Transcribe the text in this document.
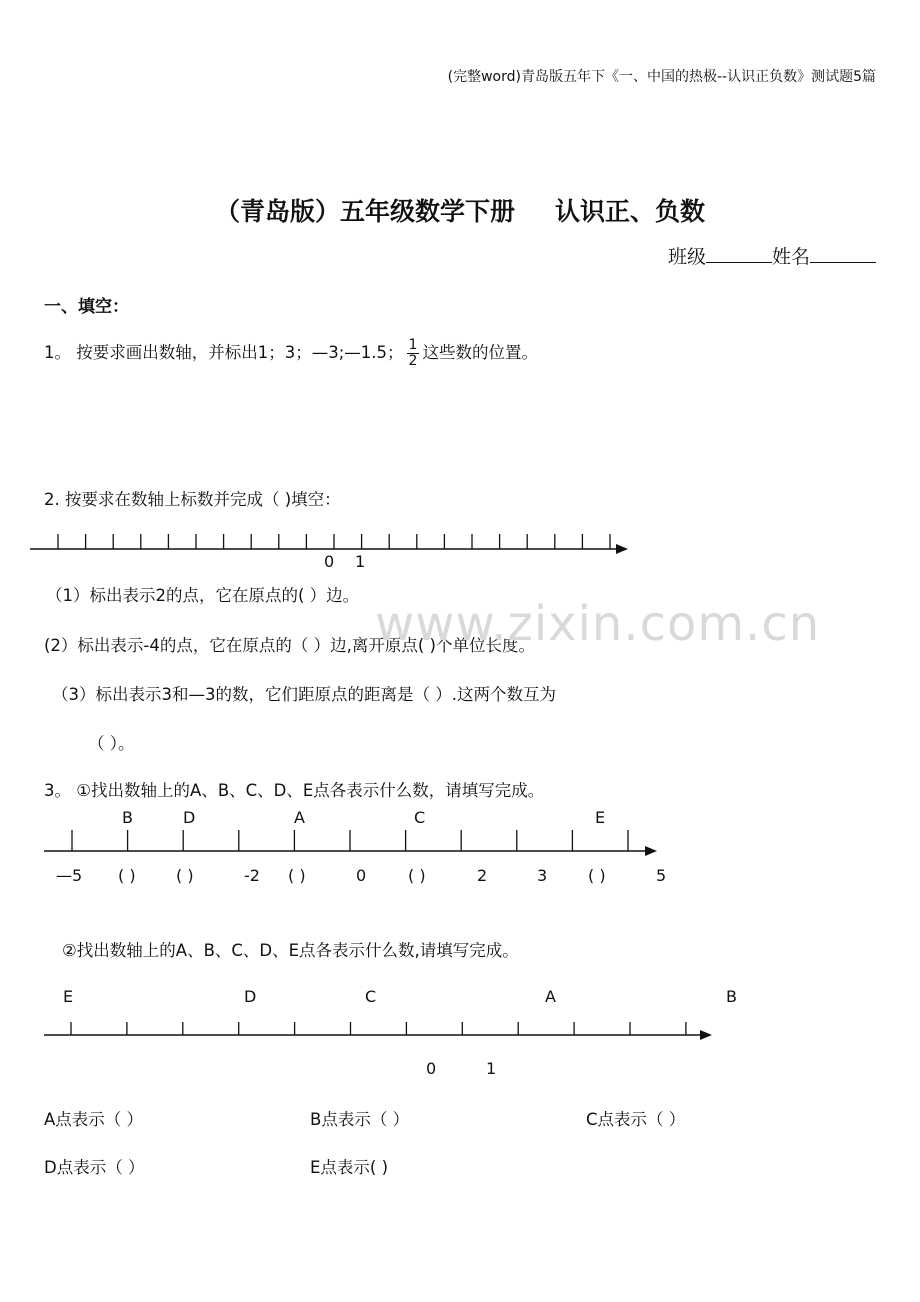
(完整word)青岛版五年下《一、中国的热极--认识正负数》测试题5篇
（青岛版）五年级数学下册 认识正、负数
班级	姓名
一、填空：
1。 按要求画出数轴，并标出1；3；—3;—1.5； $\frac{1}{2}$ 这些数的位置。
2. 按要求在数轴上标数并完成（ )填空：
0 1
B	D	A	C	E
—5 ( )	( )	-2 ( )	0	( )	2	3	( )	5
E	D	C	A	B
0	1
（1）标出表示2的点，它在原点的( ）边。
(2）标出表示-4的点，它在原点的（ ）边,离开原点( )个单位长度。
（3）标出表示3和—3的数，它们距原点的距离是（ ）.这两个数互为
（ ）。
www.zixin.com.cn
3。 ①找出数轴上的A、B、C、D、E点各表示什么数，请填写完成。
②找出数轴上的A、B、C、D、E点各表示什么数,请填写完成。
A点表示（ ）	B点表示（ ）	C点表示（ ）
D点表示（ ）	E点表示( )
